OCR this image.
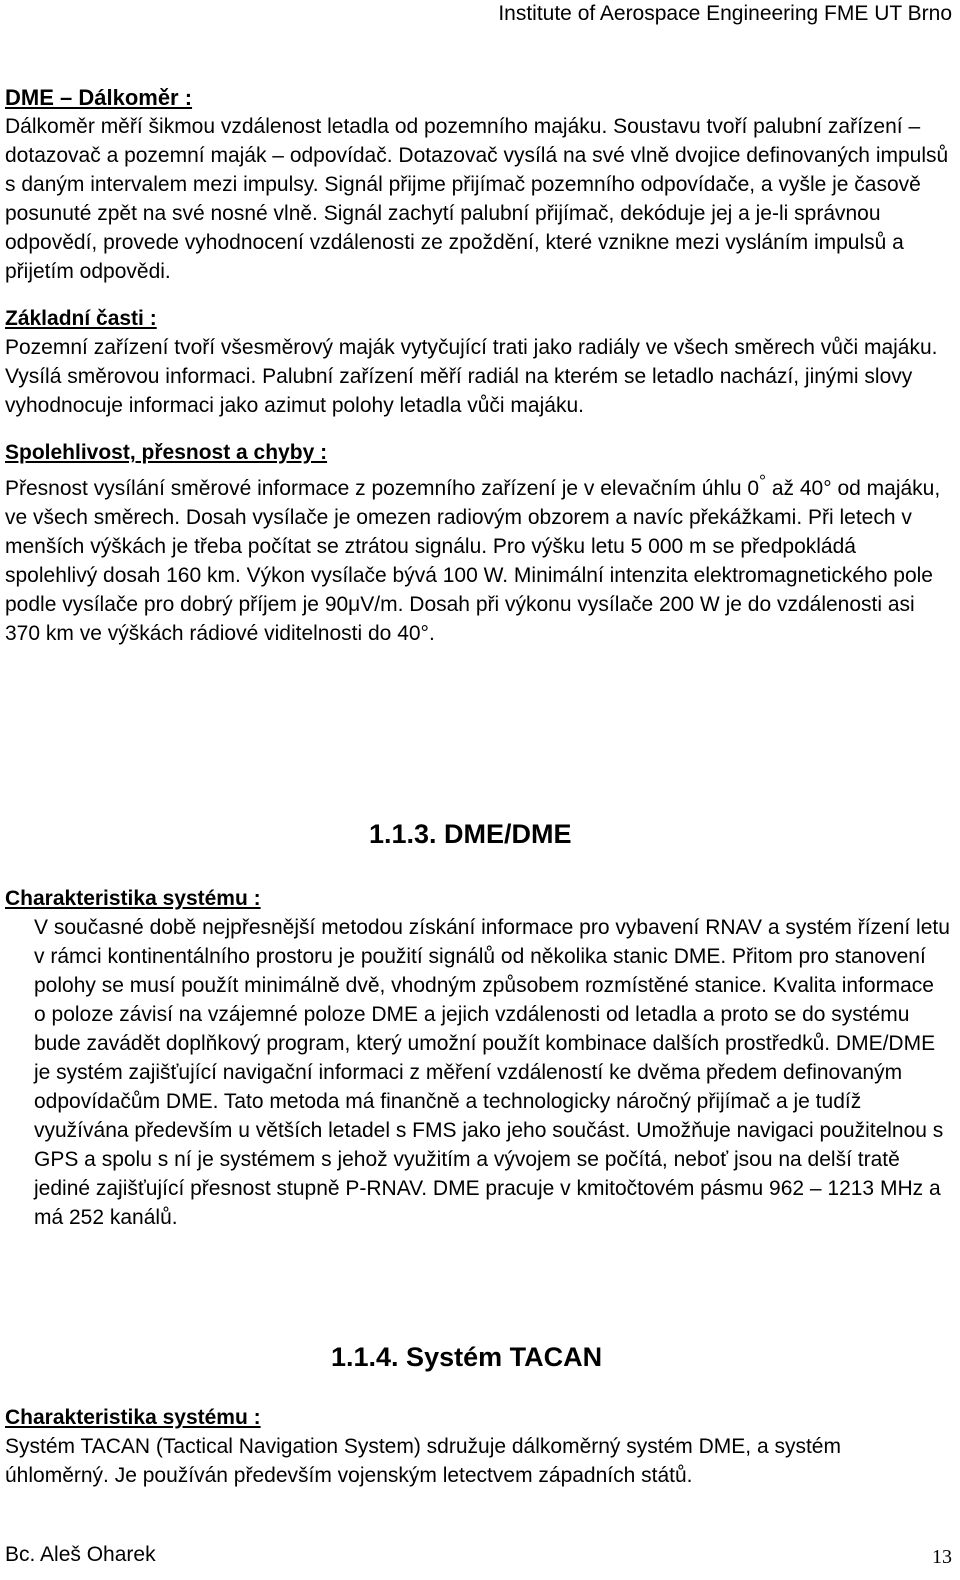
Institute of Aerospace Engineering FME UT Brno

DME – Dálkoměr :

Dálkoměr měří šikmou vzdálenost letadla od pozemního majáku. Soustavu tvoří palubní zařízení – dotazovač a pozemní maják – odpovídač. Dotazovač vysílá na své vlně dvojice definovaných impulsů s daným intervalem mezi impulsy. Signál přijme přijímač pozemního odpovídače, a vyšle je časově posunuté zpět na své nosné vlně. Signál zachytí palubní přijímač, dekóduje jej a je-li správnou odpovědí, provede vyhodnocení vzdálenosti ze zpoždění, které vznikne mezi vysláním impulsů a přijetím odpovědi.

Základní časti :

Pozemní zařízení tvoří všesměrový maják vytyčující trati jako radiály ve všech směrech vůči majáku. Vysílá směrovou informaci. Palubní zařízení měří radiál na kterém se letadlo nachází, jinými slovy vyhodnocuje informaci jako azimut polohy letadla vůči majáku.

Spolehlivost, přesnost a chyby :

Přesnost vysílání směrové informace z pozemního zařízení je v elevačním úhlu 0° až 40° od majáku, ve všech směrech. Dosah vysílače je omezen radiovým obzorem a navíc překážkami. Při letech v menších výškách je třeba počítat se ztrátou signálu. Pro výšku letu 5 000 m se předpokládá spolehlivý dosah 160 km. Výkon vysílače bývá 100 W. Minimální intenzita elektromagnetického pole podle vysílače pro dobrý příjem je 90μV/m. Dosah při výkonu vysílače 200 W je do vzdálenosti asi 370 km ve výškách rádiové viditelnosti do 40°.

1.1.3. DME/DME

Charakteristika systému :

V současné době nejpřesnější metodou získání informace pro vybavení RNAV a systém řízení letu v rámci kontinentálního prostoru je použití signálů od několika stanic DME. Přitom pro stanovení polohy se musí použít minimálně dvě, vhodným způsobem rozmístěné stanice. Kvalita informace o poloze závisí na vzájemné poloze DME a jejich vzdálenosti od letadla a proto se do systému bude zavádět doplňkový program, který umožní použít kombinace dalších prostředků. DME/DME je systém zajišťující navigační informaci z měření vzdáleností ke dvěma předem definovaným odpovídačům DME. Tato metoda má finančně a technologicky náročný přijímač a je tudíž využívána především u větších letadel s FMS jako jeho součást. Umožňuje navigaci použitelnou s GPS a spolu s ní je systémem s jehož využitím a vývojem se počítá, neboť jsou na delší tratě jediné zajišťující přesnost stupně P-RNAV. DME pracuje v kmitočtovém pásmu 962 – 1213 MHz a má 252 kanálů.

1.1.4. Systém TACAN

Charakteristika systému :

Systém TACAN (Tactical Navigation System) sdružuje dálkoměrný systém DME, a systém úhloměrný. Je používán především vojenským letectvem západních států.

Bc. Aleš Oharek	13
